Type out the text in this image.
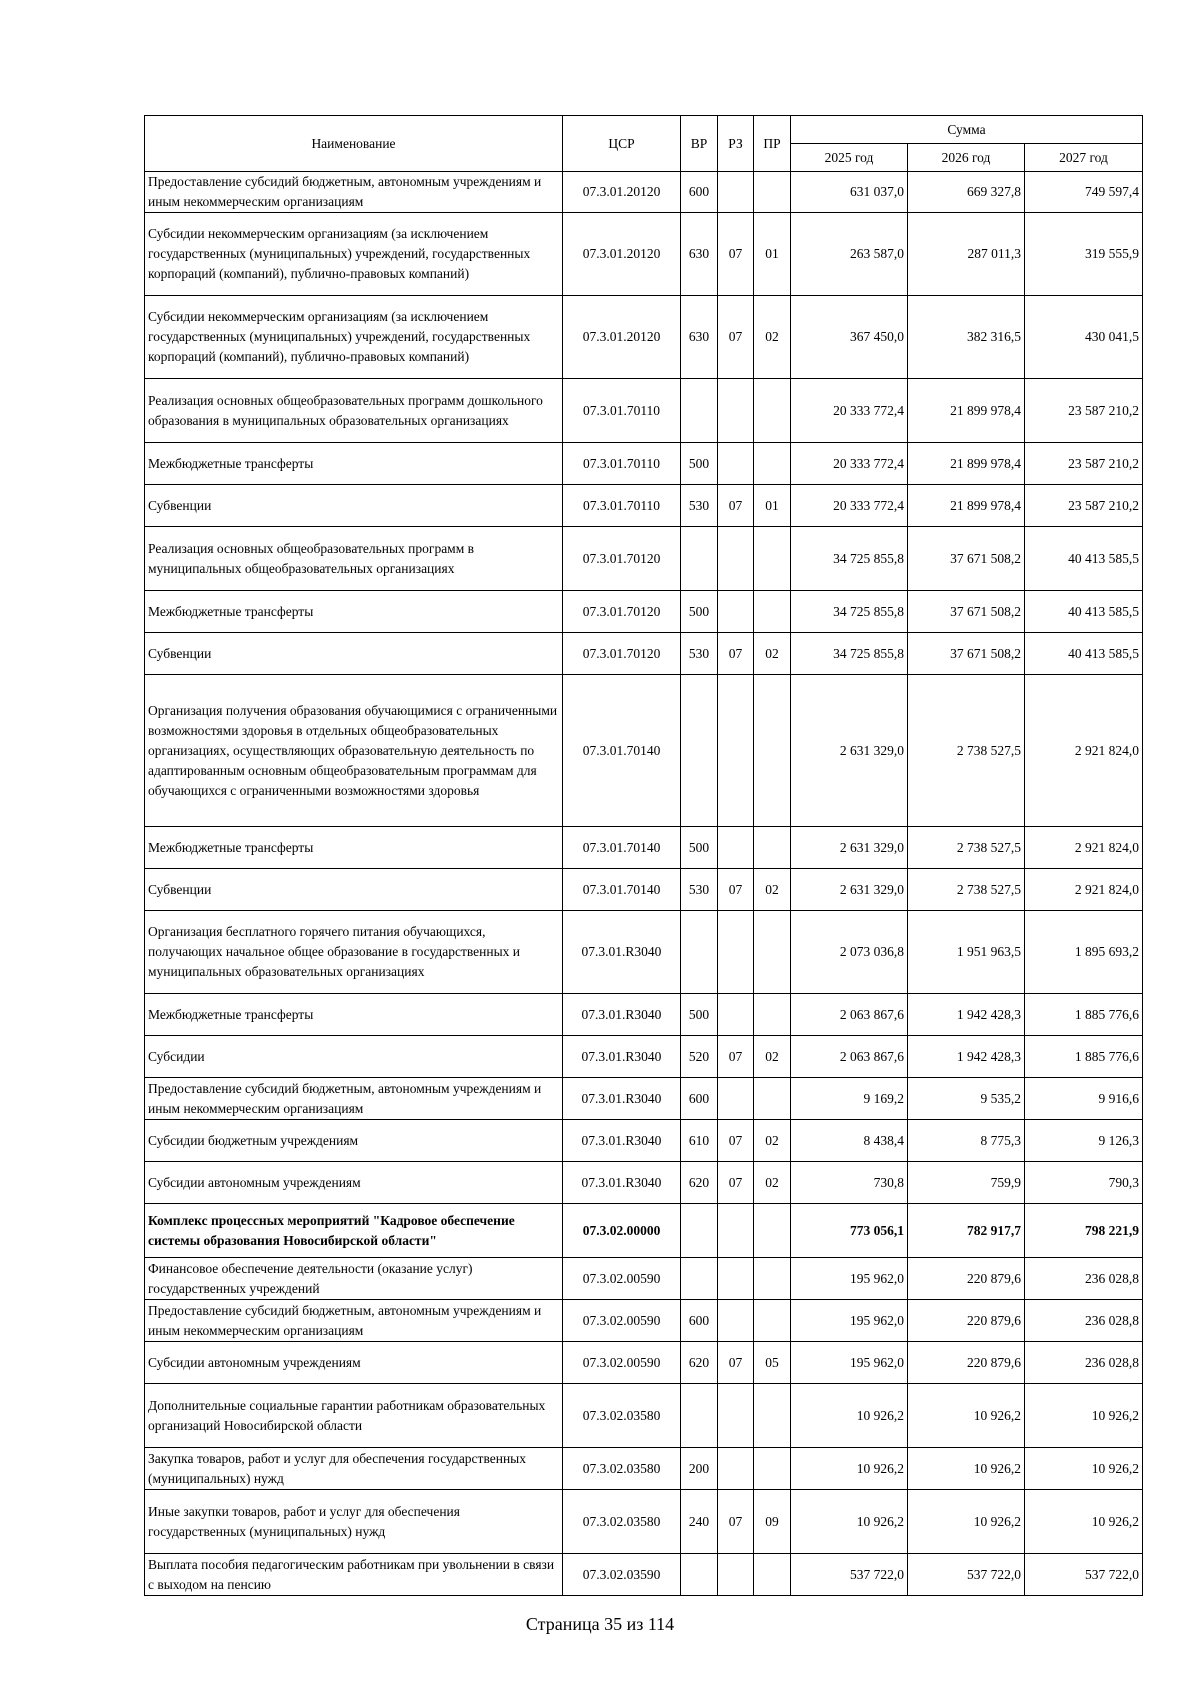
Наименование	ЦСР	ВР	РЗ	ПР	Сумма		
					2025 год	2026 год	2027 год
Предоставление субсидий бюджетным, автономным учреждениям и иным некоммерческим организациям	07.3.01.20120	600			631 037,0	669 327,8	749 597,4
Субсидии некоммерческим организациям (за исключением государственных (муниципальных) учреждений, государственных корпораций (компаний), публично-правовых компаний)	07.3.01.20120	630	07	01	263 587,0	287 011,3	319 555,9
Субсидии некоммерческим организациям (за исключением государственных (муниципальных) учреждений, государственных корпораций (компаний), публично-правовых компаний)	07.3.01.20120	630	07	02	367 450,0	382 316,5	430 041,5
Реализация основных общеобразовательных программ дошкольного образования в муниципальных образовательных организациях	07.3.01.70110				20 333 772,4	21 899 978,4	23 587 210,2
Межбюджетные трансферты	07.3.01.70110	500			20 333 772,4	21 899 978,4	23 587 210,2
Субвенции	07.3.01.70110	530	07	01	20 333 772,4	21 899 978,4	23 587 210,2
Реализация основных общеобразовательных программ в муниципальных общеобразовательных организациях	07.3.01.70120				34 725 855,8	37 671 508,2	40 413 585,5
Межбюджетные трансферты	07.3.01.70120	500			34 725 855,8	37 671 508,2	40 413 585,5
Субвенции	07.3.01.70120	530	07	02	34 725 855,8	37 671 508,2	40 413 585,5
Организация получения образования обучающимися с ограниченными возможностями здоровья в отдельных общеобразовательных организациях, осуществляющих образовательную деятельность по адаптированным основным общеобразовательным программам для обучающихся с ограниченными возможностями здоровья	07.3.01.70140				2 631 329,0	2 738 527,5	2 921 824,0
Межбюджетные трансферты	07.3.01.70140	500			2 631 329,0	2 738 527,5	2 921 824,0
Субвенции	07.3.01.70140	530	07	02	2 631 329,0	2 738 527,5	2 921 824,0
Организация бесплатного горячего питания обучающихся, получающих начальное общее образование в государственных и муниципальных образовательных организациях	07.3.01.R3040				2 073 036,8	1 951 963,5	1 895 693,2
Межбюджетные трансферты	07.3.01.R3040	500			2 063 867,6	1 942 428,3	1 885 776,6
Субсидии	07.3.01.R3040	520	07	02	2 063 867,6	1 942 428,3	1 885 776,6
Предоставление субсидий бюджетным, автономным учреждениям и иным некоммерческим организациям	07.3.01.R3040	600			9 169,2	9 535,2	9 916,6
Субсидии бюджетным учреждениям	07.3.01.R3040	610	07	02	8 438,4	8 775,3	9 126,3
Субсидии автономным учреждениям	07.3.01.R3040	620	07	02	730,8	759,9	790,3
Комплекс процессных мероприятий "Кадровое обеспечение системы образования Новосибирской области"	07.3.02.00000				773 056,1	782 917,7	798 221,9
Финансовое обеспечение деятельности (оказание услуг) государственных учреждений	07.3.02.00590				195 962,0	220 879,6	236 028,8
Предоставление субсидий бюджетным, автономным учреждениям и иным некоммерческим организациям	07.3.02.00590	600			195 962,0	220 879,6	236 028,8
Субсидии автономным учреждениям	07.3.02.00590	620	07	05	195 962,0	220 879,6	236 028,8
Дополнительные социальные гарантии работникам образовательных организаций Новосибирской области	07.3.02.03580				10 926,2	10 926,2	10 926,2
Закупка товаров, работ и услуг для обеспечения государственных (муниципальных) нужд	07.3.02.03580	200			10 926,2	10 926,2	10 926,2
Иные закупки товаров, работ и услуг для обеспечения государственных (муниципальных) нужд	07.3.02.03580	240	07	09	10 926,2	10 926,2	10 926,2
Выплата пособия педагогическим работникам при увольнении в связи с выходом на пенсию	07.3.02.03590				537 722,0	537 722,0	537 722,0
Страница 35 из 114
